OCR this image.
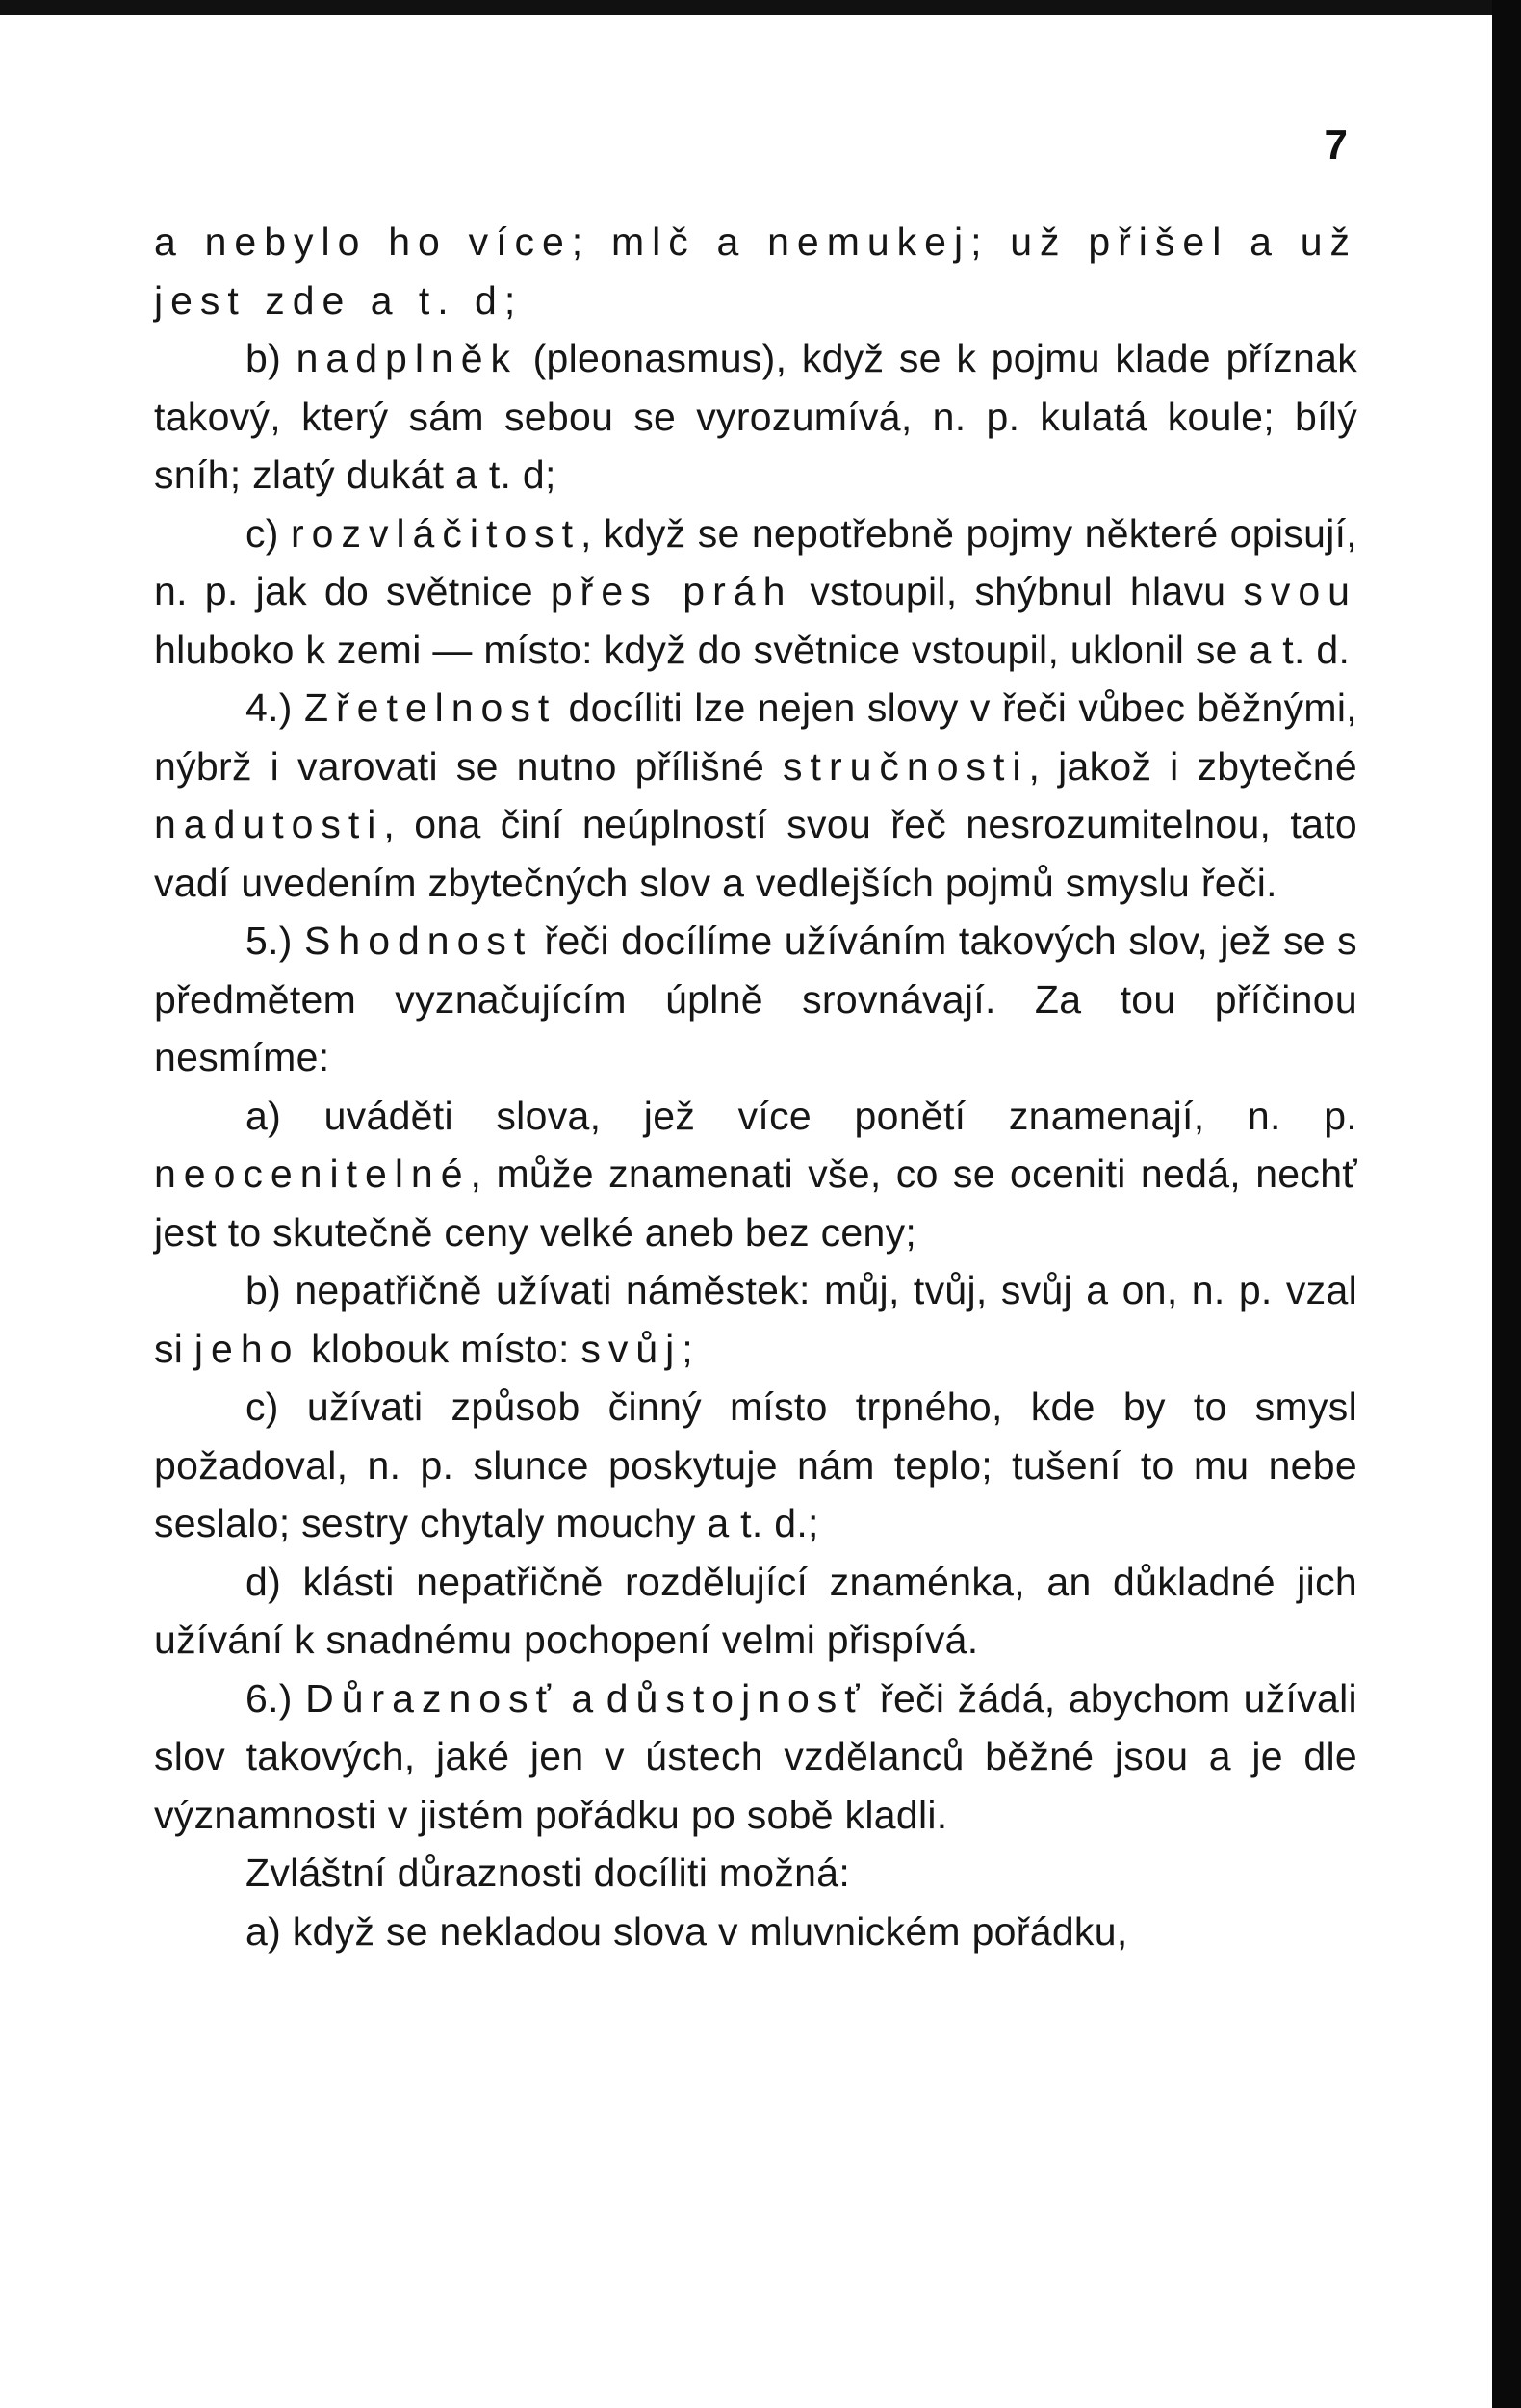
7

a nebylo ho více; mlč a nemukej; už přišel a už jest zde a t. d;

b) nadplněk (pleonasmus), když se k pojmu klade příznak takový, který sám sebou se vyrozumívá, n. p. kulatá koule; bílý sníh; zlatý dukát a t. d;

c) rozvláčitost, když se nepotřebně pojmy některé opisují, n. p. jak do světnice přes práh vstoupil, shýbnul hlavu svou hluboko k zemi — místo: když do světnice vstoupil, uklonil se a t. d.

4.) Zřetelnost docíliti lze nejen slovy v řeči vůbec běžnými, nýbrž i varovati se nutno přílišné stručnosti, jakož i zbytečné nadutosti, ona činí neúplností svou řeč nesrozumitelnou, tato vadí uvedením zbytečných slov a vedlejších pojmů smyslu řeči.

5.) Shodnost řeči docílíme užíváním takových slov, jež se s předmětem vyznačujícím úplně srovnávají. Za tou příčinou nesmíme:

a) uváděti slova, jež více ponětí znamenají, n. p. neocenitelné, může znamenati vše, co se oceniti nedá, nechť jest to skutečně ceny velké aneb bez ceny;

b) nepatřičně užívati náměstek: můj, tvůj, svůj a on, n. p. vzal si jeho klobouk místo: svůj;

c) užívati způsob činný místo trpného, kde by to smysl požadoval, n. p. slunce poskytuje nám teplo; tušení to mu nebe seslalo; sestry chytaly mouchy a t. d.;

d) klásti nepatřičně rozdělující znaménka, an důkladné jich užívání k snadnému pochopení velmi přispívá.

6.) Důraznosť a důstojnosť řeči žádá, abychom užívali slov takových, jaké jen v ústech vzdělanců běžné jsou a je dle významnosti v jistém pořádku po sobě kladli.

Zvláštní důraznosti docíliti možná:

a) když se nekladou slova v mluvnickém pořádku,
